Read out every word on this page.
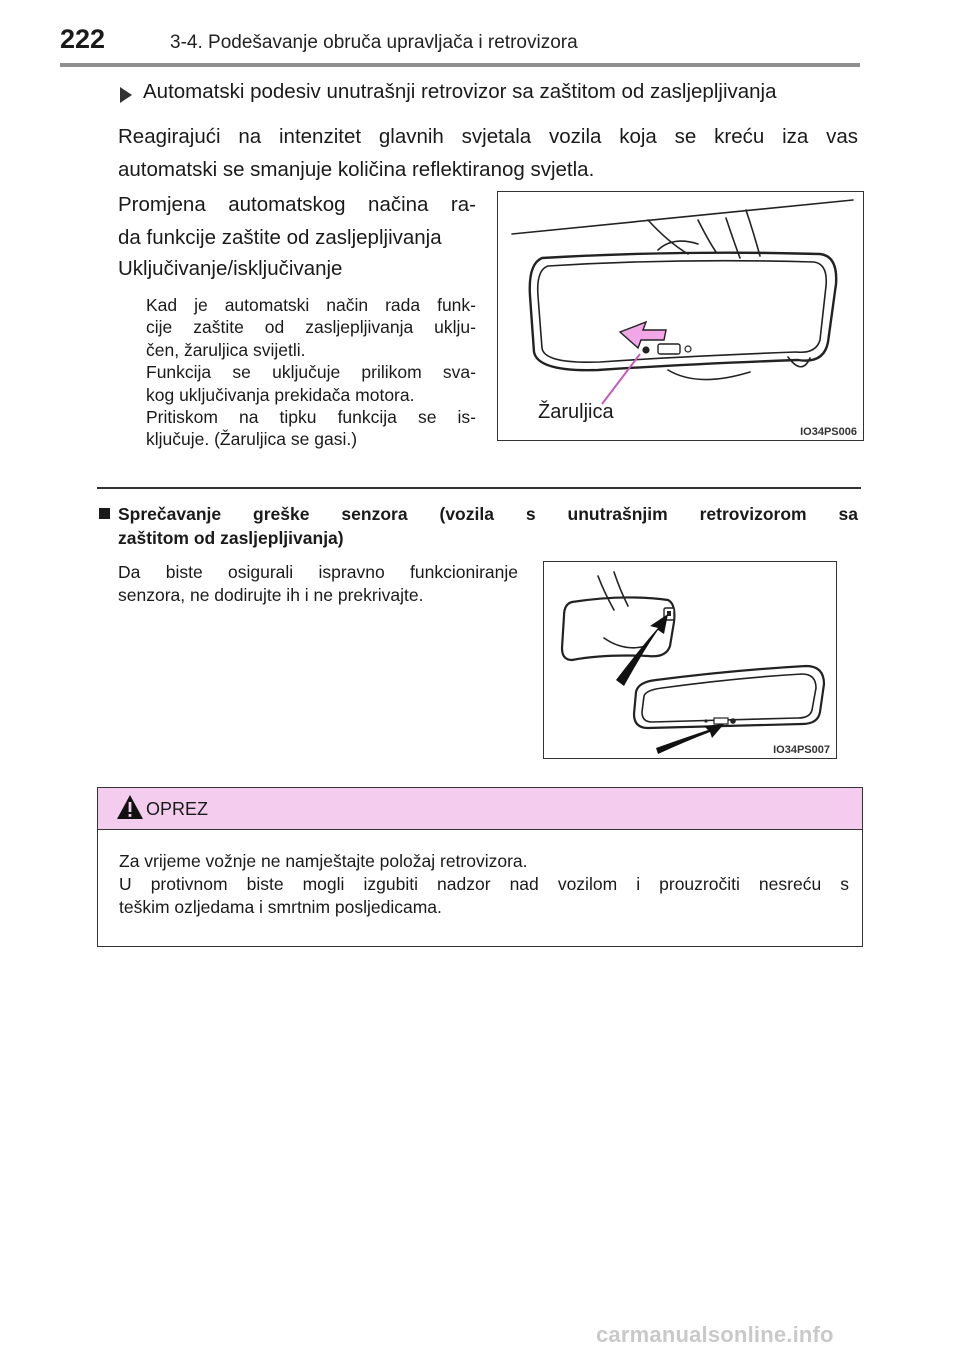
222	3-4. Podešavanje obruča upravljača i retrovizora
Automatski podesiv unutrašnji retrovizor sa zaštitom od zasljepljivanja
Reagirajući na intenzitet glavnih svjetala vozila koja se kreću iza vas
automatski se smanjuje količina reflektiranog svjetla.
Promjena automatskog načina ra-
da funkcije zaštite od zasljepljivanja
Uključivanje/isključivanje
Kad je automatski način rada funk-
cije zaštite od zasljepljivanja uklju-
čen, žaruljica svijetli.
Funkcija se uključuje prilikom sva-
kog uključivanja prekidača motora.
Pritiskom na tipku funkcija se is-
ključuje. (Žaruljica se gasi.)
Žaruljica
IO34PS006
Sprečavanje greške senzora (vozila s unutrašnjim retrovizorom sa
zaštitom od zasljepljivanja)
Da biste osigurali ispravno funkcioniranje
senzora, ne dodirujte ih i ne prekrivajte.
IO34PS007
OPREZ
Za vrijeme vožnje ne namještajte položaj retrovizora.
U protivnom biste mogli izgubiti nadzor nad vozilom i prouzročiti nesreću s
teškim ozljedama i smrtnim posljedicama.
carmanualsonline.info
